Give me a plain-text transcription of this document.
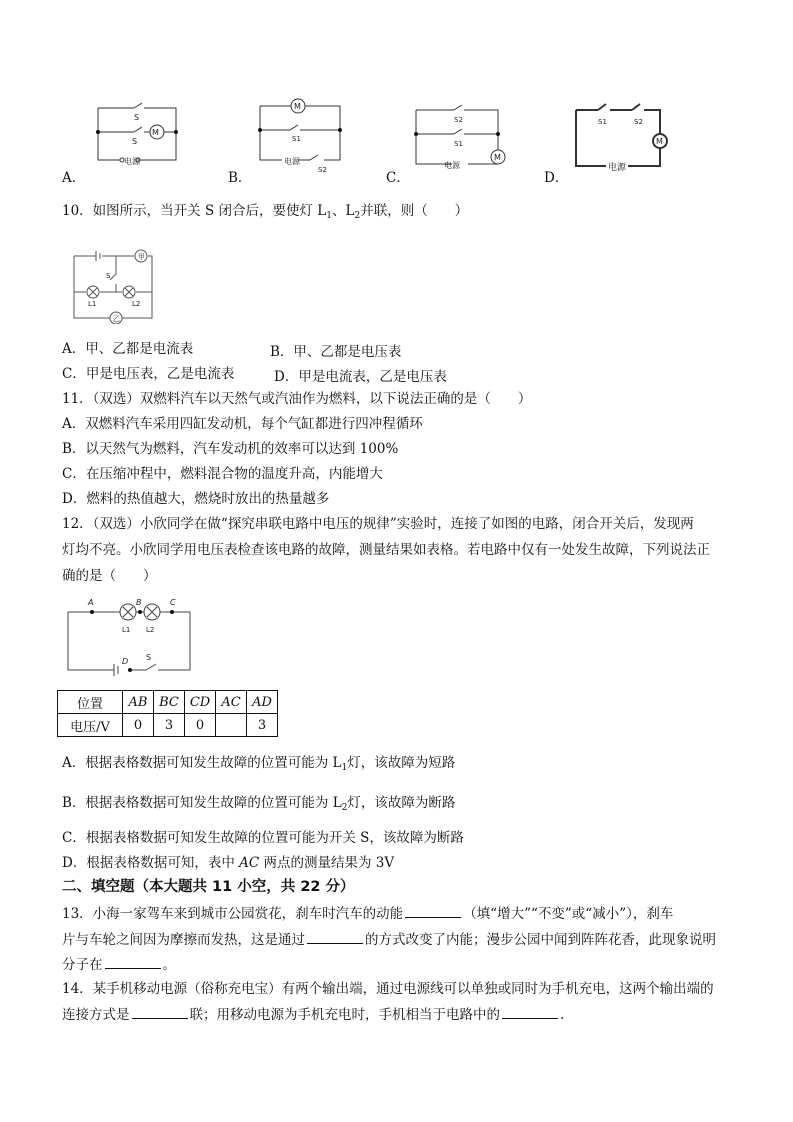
M
S
S
电源
A．
M
S1
S2
电源
B．
M
S2
S1
电源
C．
M
S1	S2
电源
D．
10．如图所示，当开关 S 闭合后，要使灯 $L_1$、$L_2$并联，则（　　）
甲
乙
S
L1	L2
A．甲、乙都是电流表	B．甲、乙都是电压表
C．甲是电压表，乙是电流表	D．甲是电流表，乙是电压表
11．（双选）双燃料汽车以天然气或汽油作为燃料，以下说法正确的是（　　）
A．双燃料汽车采用四缸发动机，每个气缸都进行四冲程循环
B．以天然气为燃料，汽车发动机的效率可以达到 100%
C．在压缩冲程中，燃料混合物的温度升高，内能增大
D．燃料的热值越大，燃烧时放出的热量越多
12．（双选）小欣同学在做“探究串联电路中电压的规律”实验时，连接了如图的电路，闭合开关后，发现两
灯均不亮。小欣同学用电压表检查该电路的故障，测量结果如表格。若电路中仅有一处发生故障，下列说法正
确的是（　　）
A	B	C
D S
L1 L2
位置	AB	BC	CD	AC	AD
电压/V	0	3	0		3
A．根据表格数据可知发生故障的位置可能为 $L_1$灯，该故障为短路
B．根据表格数据可知发生故障的位置可能为 $L_2$灯，该故障为断路
C．根据表格数据可知发生故障的位置可能为开关 S，该故障为断路
D．根据表格数据可知，表中 AC 两点的测量结果为 3V
二、填空题（本大题共 11 小空，共 22 分）
13．小海一家驾车来到城市公园赏花，刹车时汽车的动能	（填“增大”“不变”或“减小”），刹车
片与车轮之间因为摩擦而发热，这是通过	的方式改变了内能；漫步公园中闻到阵阵花香，此现象说明
分子在	。
14．某手机移动电源（俗称充电宝）有两个输出端，通过电源线可以单独或同时为手机充电，这两个输出端的
连接方式是	联；用移动电源为手机充电时，手机相当于电路中的	.
